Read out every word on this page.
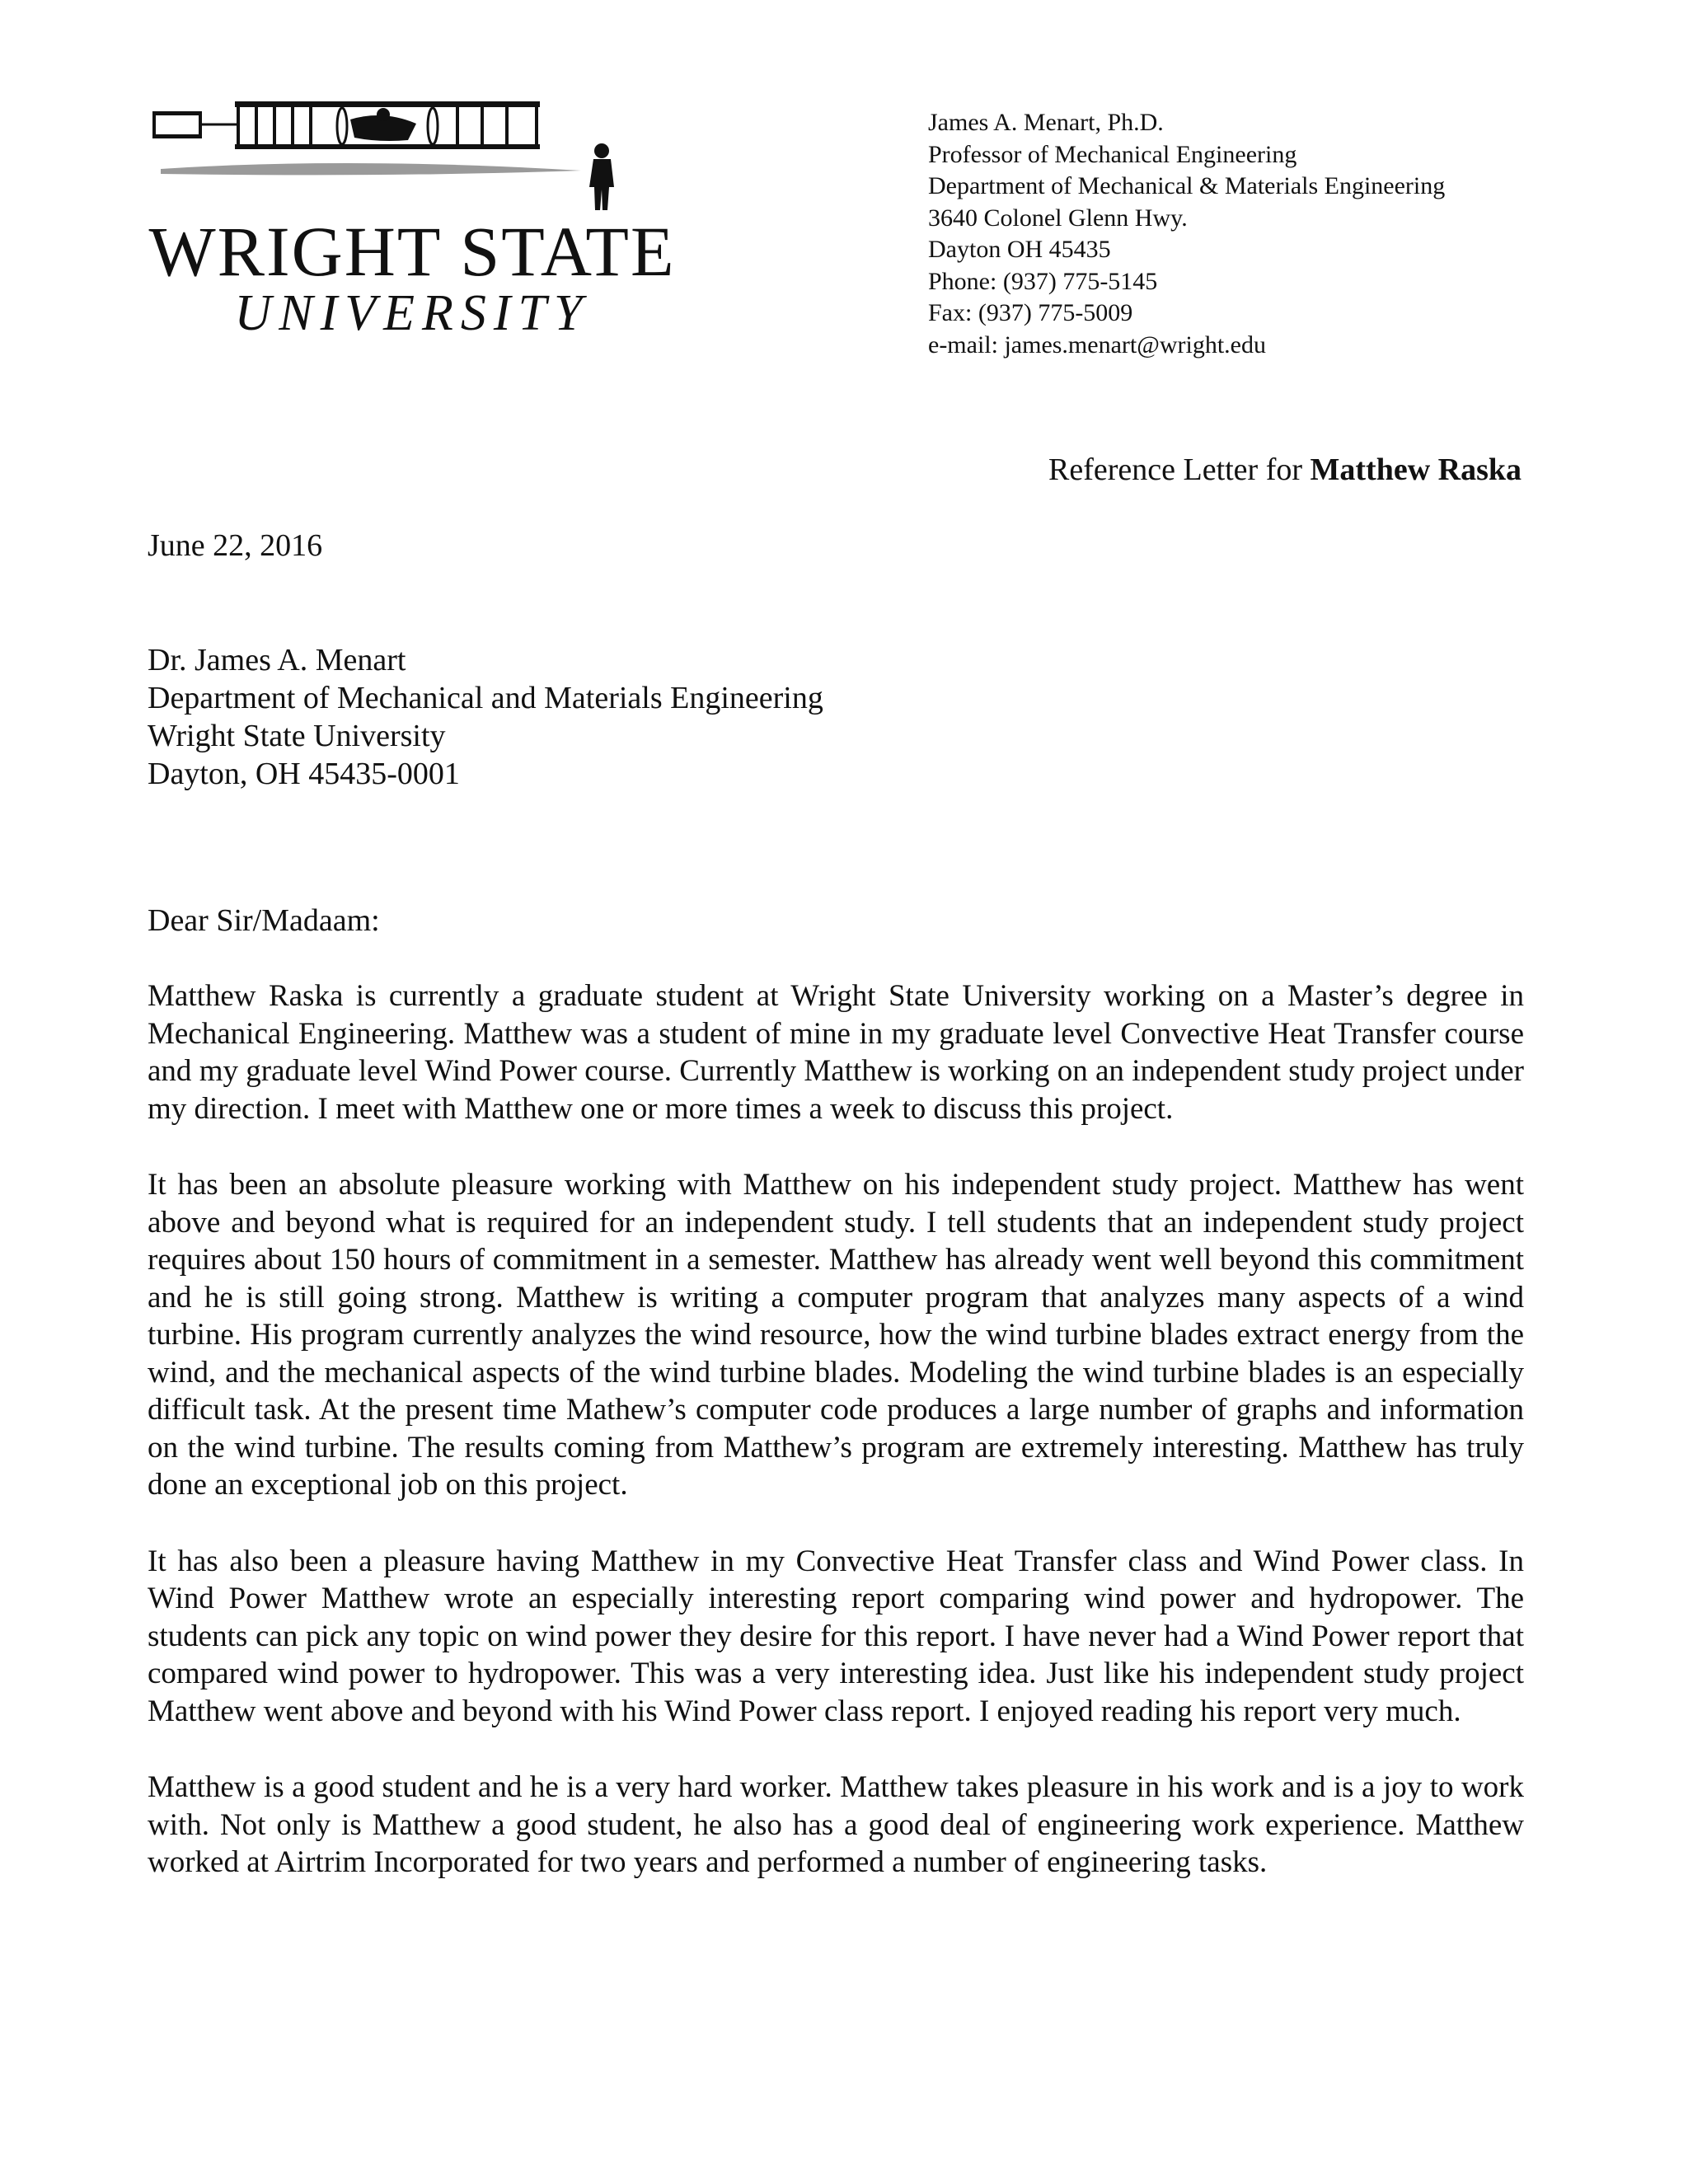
WRIGHT STATE
UNIVERSITY
James A. Menart, Ph.D.
Professor of Mechanical Engineering
Department of Mechanical & Materials Engineering
3640 Colonel Glenn Hwy.
Dayton OH 45435
Phone: (937) 775-5145
Fax: (937) 775-5009
e-mail: james.menart@wright.edu
Reference Letter for Matthew Raska
June 22, 2016
Dr. James A. Menart
Department of Mechanical and Materials Engineering
Wright State University
Dayton, OH 45435-0001
Dear Sir/Madaam:

Matthew Raska is currently a graduate student at Wright State University working on a Master’s degree in Mechanical Engineering. Matthew was a student of mine in my graduate level Convective Heat Transfer course and my graduate level Wind Power course. Currently Matthew is working on an independent study project under my direction. I meet with Matthew one or more times a week to discuss this project.

It has been an absolute pleasure working with Matthew on his independent study project. Matthew has went above and beyond what is required for an independent study. I tell students that an independent study project requires about 150 hours of commitment in a semester. Matthew has already went well beyond this commitment and he is still going strong. Matthew is writing a computer program that analyzes many aspects of a wind turbine. His program currently analyzes the wind resource, how the wind turbine blades extract energy from the wind, and the mechanical aspects of the wind turbine blades. Modeling the wind turbine blades is an especially difficult task. At the present time Mathew’s computer code produces a large number of graphs and information on the wind turbine. The results coming from Matthew’s program are extremely interesting. Matthew has truly done an exceptional job on this project.

It has also been a pleasure having Matthew in my Convective Heat Transfer class and Wind Power class. In Wind Power Matthew wrote an especially interesting report comparing wind power and hydropower. The students can pick any topic on wind power they desire for this report. I have never had a Wind Power report that compared wind power to hydropower. This was a very interesting idea. Just like his independent study project Matthew went above and beyond with his Wind Power class report. I enjoyed reading his report very much.

Matthew is a good student and he is a very hard worker. Matthew takes pleasure in his work and is a joy to work with. Not only is Matthew a good student, he also has a good deal of engineering work experience. Matthew worked at Airtrim Incorporated for two years and performed a number of engineering tasks.
